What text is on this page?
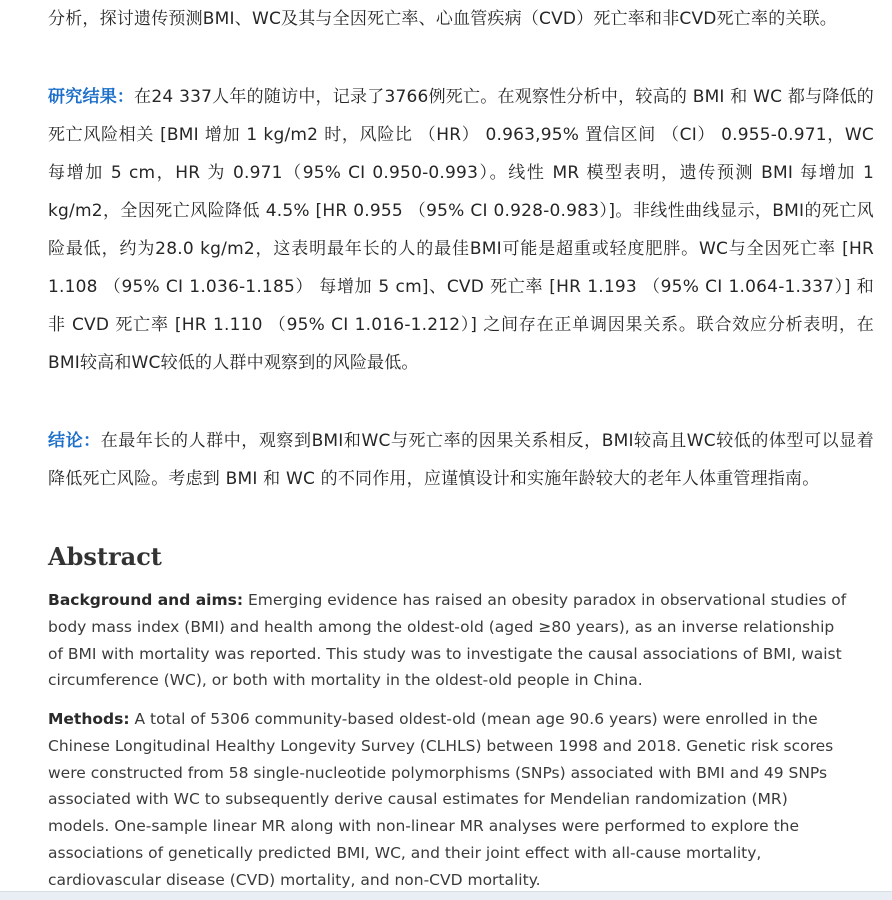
分析，探讨遗传预测BMI、WC及其与全因死亡率、心血管疾病（CVD）死亡率和非CVD死亡率的关联。

研究结果：在24 337人年的随访中，记录了3766例死亡。在观察性分析中，较高的 BMI 和 WC 都与降低的死亡风险相关 [BMI 增加 1 kg/m2 时，风险比 （HR） 0.963,95% 置信区间 （CI） 0.955-0.971，WC 每增加 5 cm，HR 为 0.971（95% CI 0.950-0.993）。线性 MR 模型表明，遗传预测 BMI 每增加 1 kg/m2，全因死亡风险降低 4.5% [HR 0.955 （95% CI 0.928-0.983）]。非线性曲线显示，BMI的死亡风险最低，约为28.0 kg/m2，这表明最年长的人的最佳BMI可能是超重或轻度肥胖。WC与全因死亡率 [HR 1.108 （95% CI 1.036-1.185） 每增加 5 cm]、CVD 死亡率 [HR 1.193 （95% CI 1.064-1.337）] 和非 CVD 死亡率 [HR 1.110 （95% CI 1.016-1.212）] 之间存在正单调因果关系。联合效应分析表明，在BMI较高和WC较低的人群中观察到的风险最低。

结论：在最年长的人群中，观察到BMI和WC与死亡率的因果关系相反，BMI较高且WC较低的体型可以显着降低死亡风险。考虑到 BMI 和 WC 的不同作用，应谨慎设计和实施年龄较大的老年人体重管理指南。

Abstract

Background and aims: Emerging evidence has raised an obesity paradox in observational studies of body mass index (BMI) and health among the oldest-old (aged ≥80 years), as an inverse relationship of BMI with mortality was reported. This study was to investigate the causal associations of BMI, waist circumference (WC), or both with mortality in the oldest-old people in China.

Methods: A total of 5306 community-based oldest-old (mean age 90.6 years) were enrolled in the Chinese Longitudinal Healthy Longevity Survey (CLHLS) between 1998 and 2018. Genetic risk scores were constructed from 58 single-nucleotide polymorphisms (SNPs) associated with BMI and 49 SNPs associated with WC to subsequently derive causal estimates for Mendelian randomization (MR) models. One-sample linear MR along with non-linear MR analyses were performed to explore the associations of genetically predicted BMI, WC, and their joint effect with all-cause mortality, cardiovascular disease (CVD) mortality, and non-CVD mortality.
